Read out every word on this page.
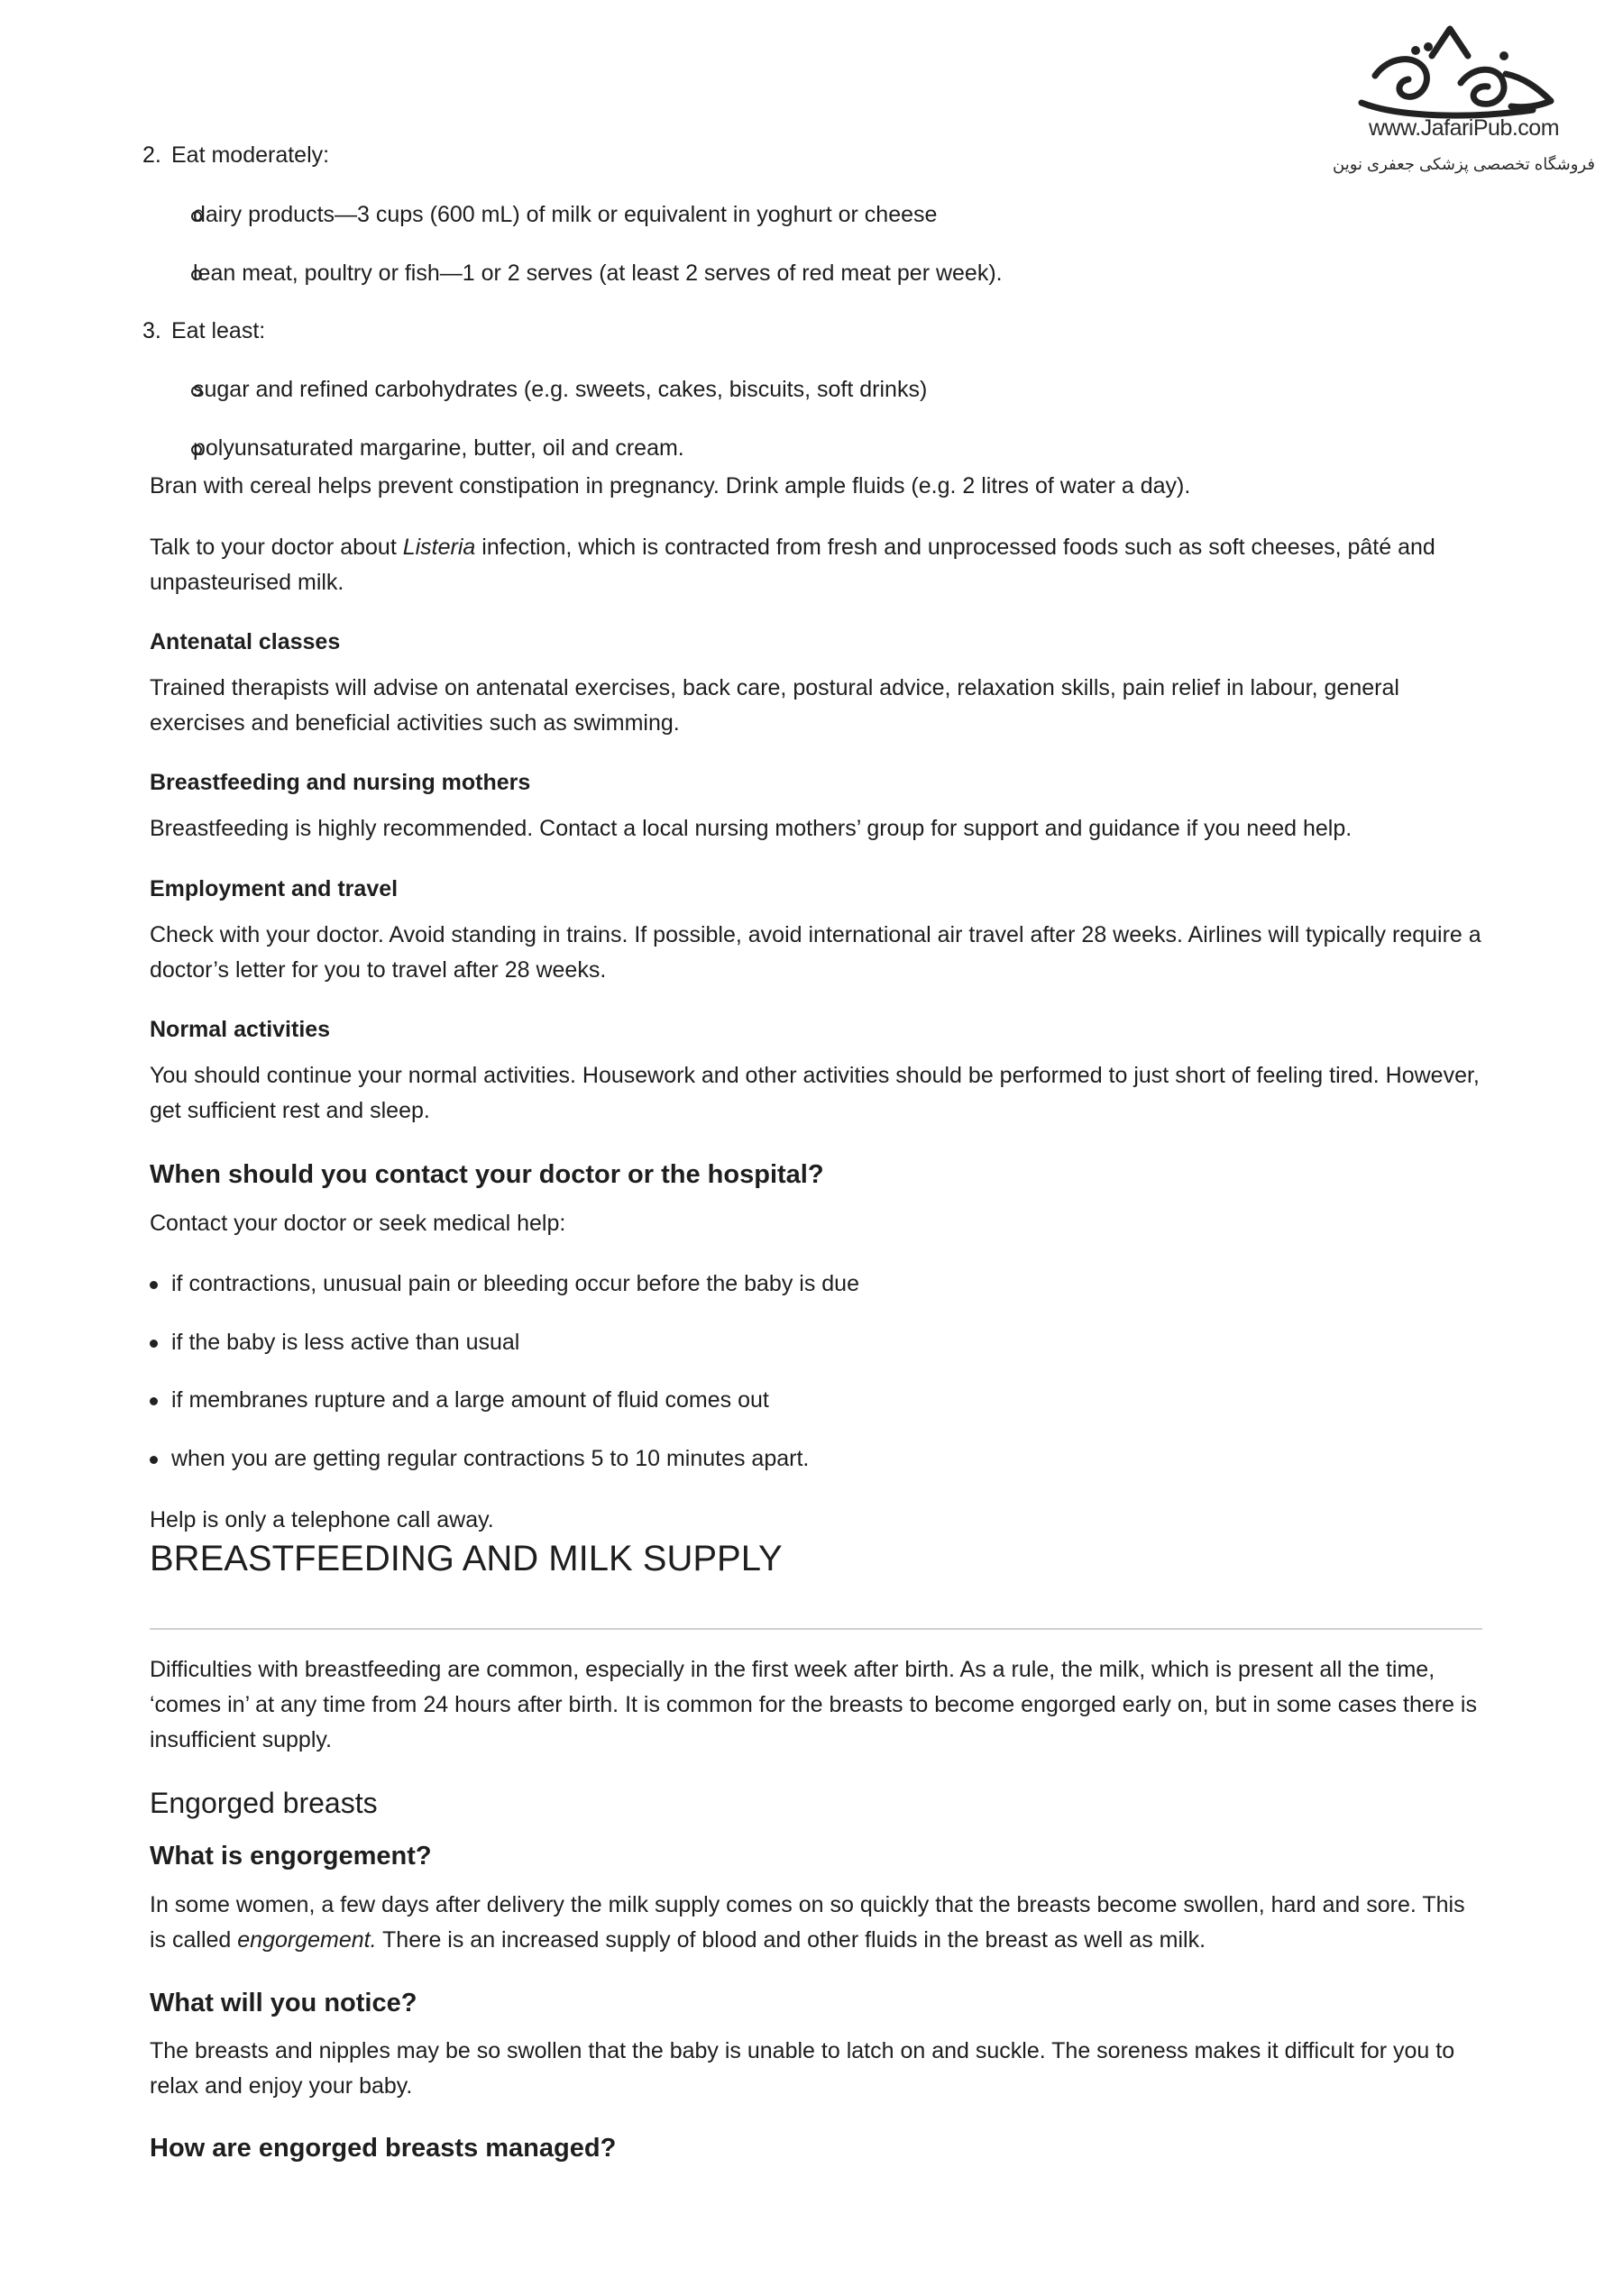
www.JafariPub.com
فروشگاه تخصصی پزشکی جعفری نوین
2. Eat moderately:
dairy products—3 cups (600 mL) of milk or equivalent in yoghurt or cheese
lean meat, poultry or fish—1 or 2 serves (at least 2 serves of red meat per week).
3. Eat least:
sugar and refined carbohydrates (e.g. sweets, cakes, biscuits, soft drinks)
polyunsaturated margarine, butter, oil and cream.
Bran with cereal helps prevent constipation in pregnancy. Drink ample fluids (e.g. 2 litres of water a day).

Talk to your doctor about Listeria infection, which is contracted from fresh and unprocessed foods such as soft cheeses, pâté and unpasteurised milk.

Antenatal classes
Trained therapists will advise on antenatal exercises, back care, postural advice, relaxation skills, pain relief in labour, general exercises and beneficial activities such as swimming.
Breastfeeding and nursing mothers
Breastfeeding is highly recommended. Contact a local nursing mothers’ group for support and guidance if you need help.
Employment and travel
Check with your doctor. Avoid standing in trains. If possible, avoid international air travel after 28 weeks. Airlines will typically require a doctor’s letter for you to travel after 28 weeks.
Normal activities
You should continue your normal activities. Housework and other activities should be performed to just short of feeling tired. However, get sufficient rest and sleep.
When should you contact your doctor or the hospital?
Contact your doctor or seek medical help:
if contractions, unusual pain or bleeding occur before the baby is due
if the baby is less active than usual
if membranes rupture and a large amount of fluid comes out
when you are getting regular contractions 5 to 10 minutes apart.
Help is only a telephone call away.
BREASTFEEDING AND MILK SUPPLY
Difficulties with breastfeeding are common, especially in the first week after birth. As a rule, the milk, which is present all the time, ‘comes in’ at any time from 24 hours after birth. It is common for the breasts to become engorged early on, but in some cases there is insufficient supply.
Engorged breasts
What is engorgement?

In some women, a few days after delivery the milk supply comes on so quickly that the breasts become swollen, hard and sore. This is called engorgement. There is an increased supply of blood and other fluids in the breast as well as milk.

What will you notice?
The breasts and nipples may be so swollen that the baby is unable to latch on and suckle. The soreness makes it difficult for you to relax and enjoy your baby.
How are engorged breasts managed?
